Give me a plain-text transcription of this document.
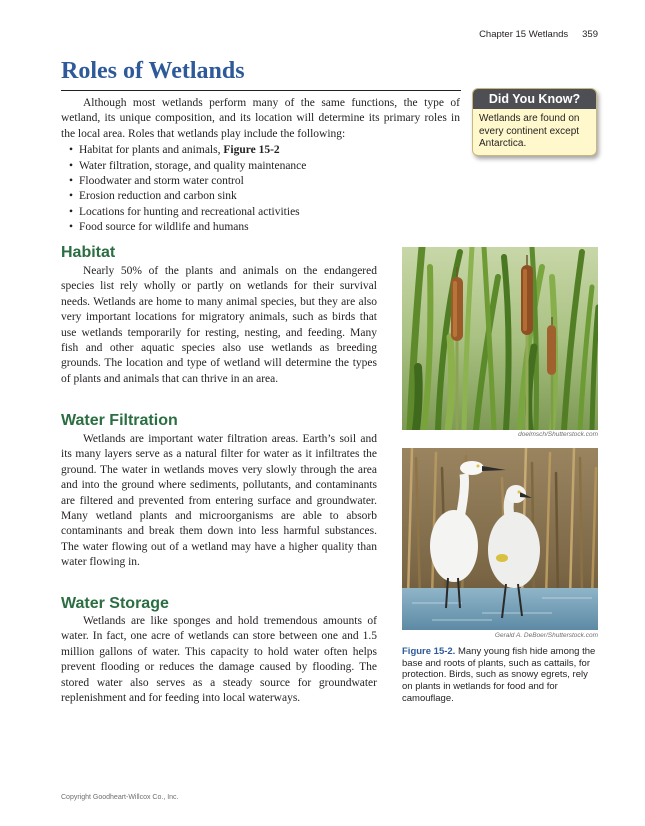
Chapter 15 Wetlands 359
Roles of Wetlands

Although most wetlands perform many of the same functions, the type of wetland, its unique composition, and its location will determine its primary roles in the local area. Roles that wetlands play include the following:

• Habitat for plants and animals, Figure 15-2
• Water filtration, storage, and quality maintenance
• Floodwater and storm water control
• Erosion reduction and carbon sink
• Locations for hunting and recreational activities
• Food source for wildlife and humans
Did You Know?
Wetlands are found on every continent except Antarctica.
Habitat

Nearly 50% of the plants and animals on the endangered species list rely wholly or partly on wetlands for their survival needs. Wetlands are home to many animal species, but they are also very important locations for migratory animals, such as birds that use wetlands temporarily for resting, nesting, and feeding. Many fish and other aquatic species also use wetlands as breeding grounds. The location and type of wetland will determine the types of plants and animals that can thrive in an area.

Water Filtration

Wetlands are important water filtration areas. Earth’s soil and its many layers serve as a natural filter for water as it infiltrates the ground. The water in wetlands moves very slowly through the area and into the ground where sediments, pollutants, and contaminants are filtered and prevented from entering surface and groundwater. Many wetland plants and microorganisms are able to absorb contaminants and break them down into less harmful substances. The water flowing out of a wetland may have a higher quality than water flowing in.

Water Storage

Wetlands are like sponges and hold tremendous amounts of water. In fact, one acre of wetlands can store between one and 1.5 million gallons of water. This capacity to hold water often helps prevent flooding or reduces the damage caused by flooding. The stored water also serves as a steady source for groundwater replenishment and for feeding into local waterways.

doelmsch/Shutterstock.com
Gerald A. DeBoer/Shutterstock.com
Figure 15-2. Many young fish hide among the base and roots of plants, such as cattails, for protection. Birds, such as snowy egrets, rely on plants in wetlands for food and for camouflage.
Copyright Goodheart-Willcox Co., Inc.
